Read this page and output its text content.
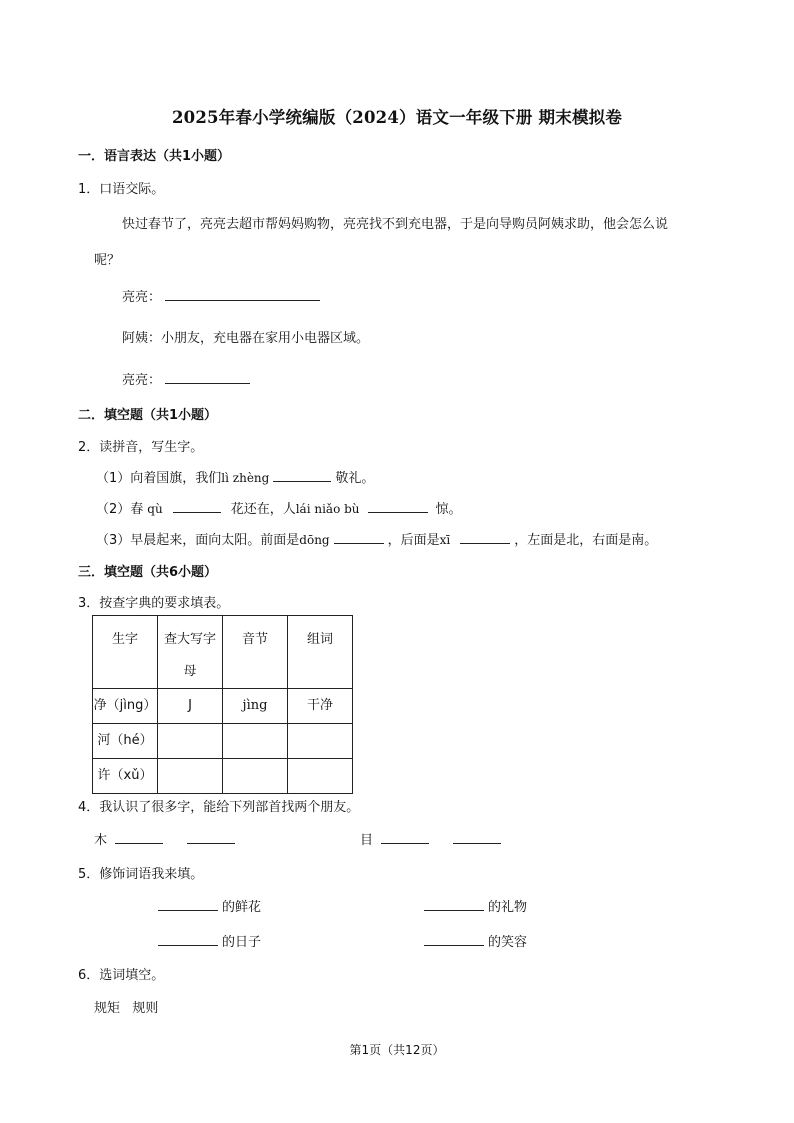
2025年春小学统编版（2024）语文一年级下册 期末模拟卷
一．语言表达（共1小题）
1．口语交际。
快过春节了，亮亮去超市帮妈妈购物，亮亮找不到充电器，于是向导购员阿姨求助，他会怎么说
呢？
亮亮：
阿姨：小朋友，充电器在家用小电器区域。
亮亮：
二．填空题（共1小题）
2．读拼音，写生字。
（1）向着国旗，我们lì zhèng	敬礼。
（2）春 qù	花还在，人lái niǎo bù	惊。
（3）早晨起来，面向太阳。前面是dōng	，后面是xī	，左面是北，右面是南。
三．填空题（共6小题）
3．按查字典的要求填表。
生字	查大写字母	音节	组词
净（jìng）	J	jìng	干净
河（hé）			
许（xǔ）			
4．我认识了很多字，能给下列部首找两个朋友。
木	目
5．修饰词语我来填。
的鲜花	的礼物
的日子	的笑容
6．选词填空。
规矩   规则
第1页（共12页）
